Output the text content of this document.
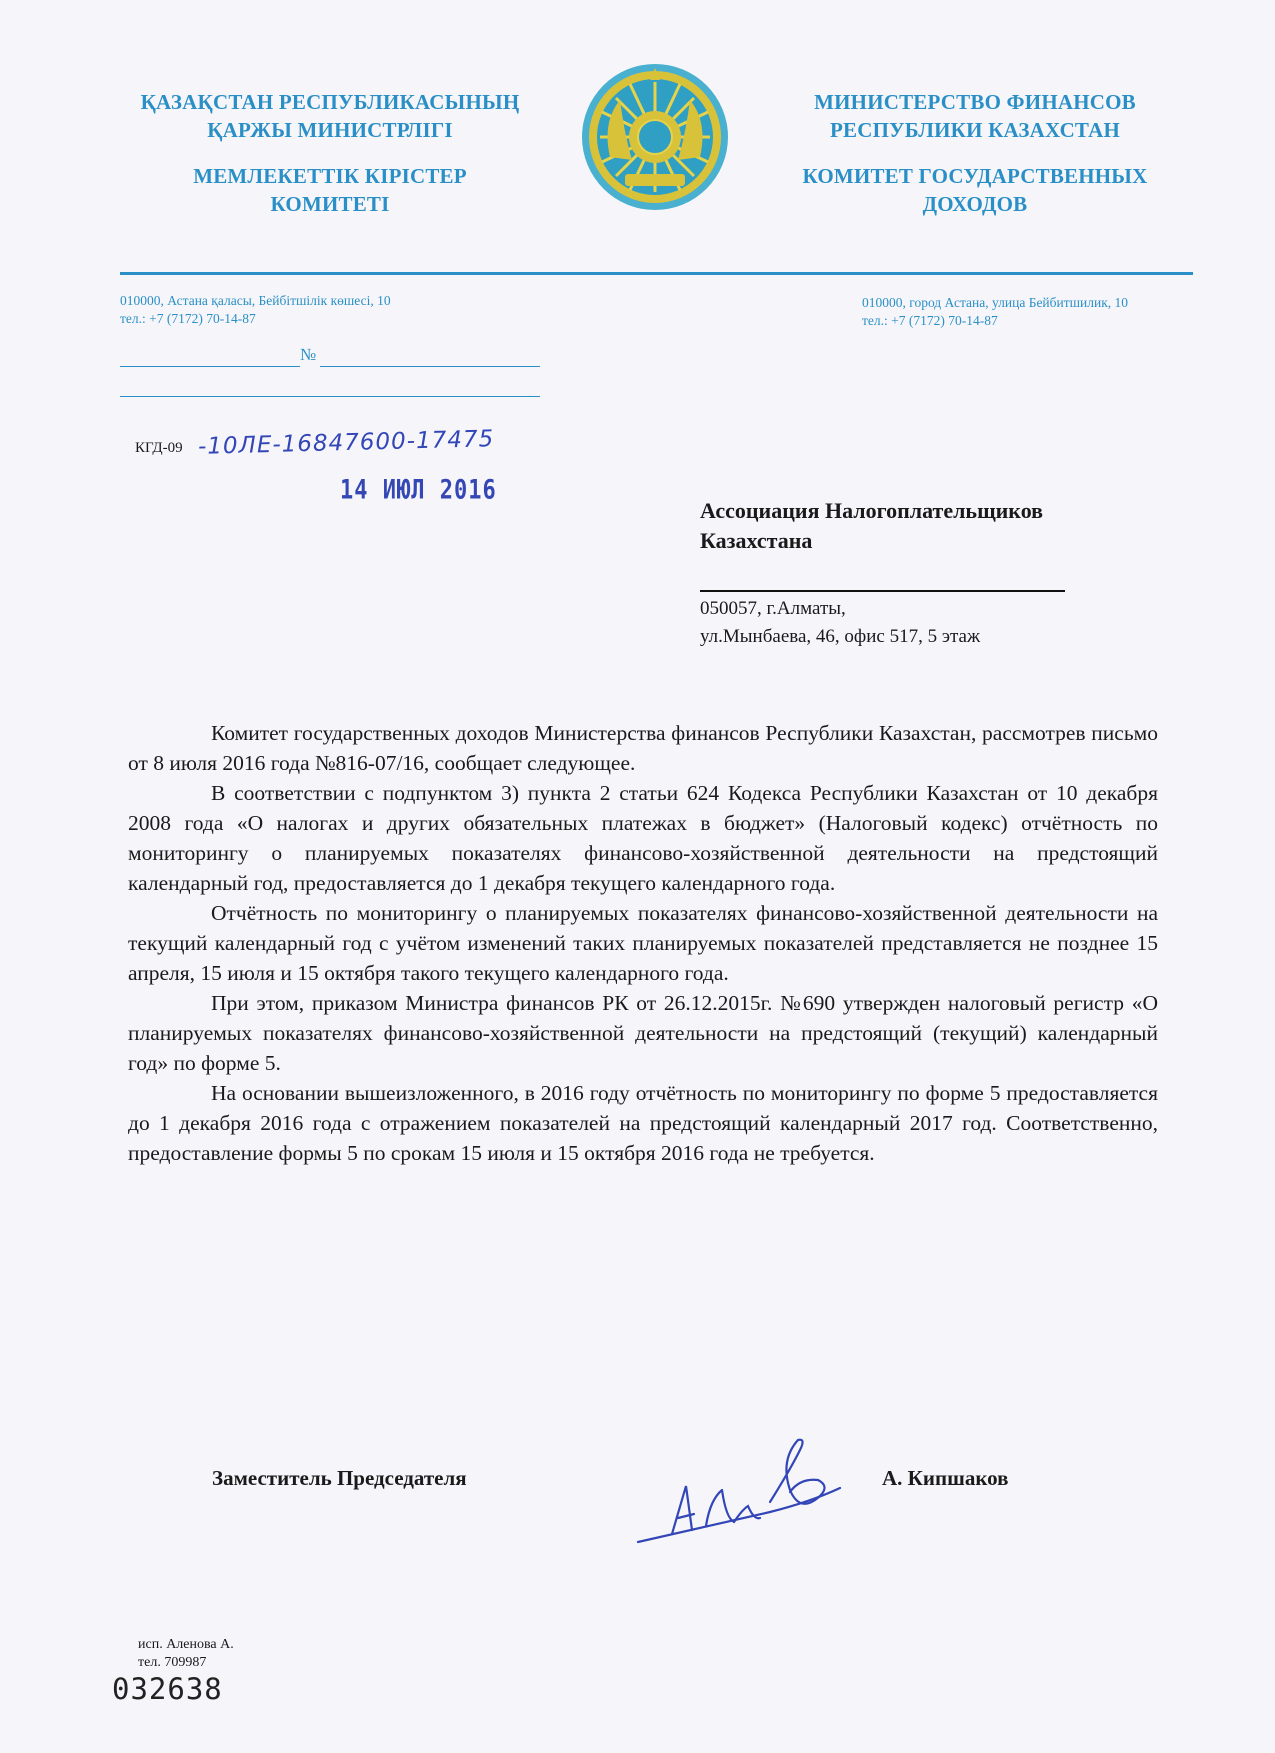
ҚАЗАҚСТАН РЕСПУБЛИКАСЫНЫҢ
ҚАРЖЫ МИНИСТРЛІГІ
МЕМЛЕКЕТТІК КІРІСТЕР
КОМИТЕТІ
МИНИСТЕРСТВО ФИНАНСОВ
РЕСПУБЛИКИ КАЗАХСТАН
КОМИТЕТ ГОСУДАРСТВЕННЫХ
ДОХОДОВ
010000, Астана қаласы, Бейбітшілік көшесі, 10
тел.: +7 (7172) 70-14-87
010000, город Астана, улица Бейбитшилик, 10
тел.: +7 (7172) 70-14-87
№
КГД-09 -10ЛЕ-16847600-17475
14 ИЮЛ 2016
Ассоциация Налогоплательщиков
Казахстана
050057, г.Алматы,
ул.Мынбаева, 46, офис 517, 5 этаж

Комитет государственных доходов Министерства финансов Республики Казахстан, рассмотрев письмо от 8 июля 2016 года №816-07/16, сообщает следующее.

В соответствии с подпунктом 3) пункта 2 статьи 624 Кодекса Республики Казахстан от 10 декабря 2008 года «О налогах и других обязательных платежах в бюджет» (Налоговый кодекс) отчётность по мониторингу о планируемых показателях финансово-хозяйственной деятельности на предстоящий календарный год, предоставляется до 1 декабря текущего календарного года.

Отчётность по мониторингу о планируемых показателях финансово-хозяйственной деятельности на текущий календарный год с учётом изменений таких планируемых показателей представляется не позднее 15 апреля, 15 июля и 15 октября такого текущего календарного года.

При этом, приказом Министра финансов РК от 26.12.2015г. №690 утвержден налоговый регистр «О планируемых показателях финансово-хозяйственной деятельности на предстоящий (текущий) календарный год» по форме 5.

На основании вышеизложенного, в 2016 году отчётность по мониторингу по форме 5 предоставляется до 1 декабря 2016 года с отражением показателей на предстоящий календарный 2017 год. Соответственно, предоставление формы 5 по срокам 15 июля и 15 октября 2016 года не требуется.

Заместитель Председателя	А. Кипшаков
исп. Аленова А.
тел. 709987
032638
